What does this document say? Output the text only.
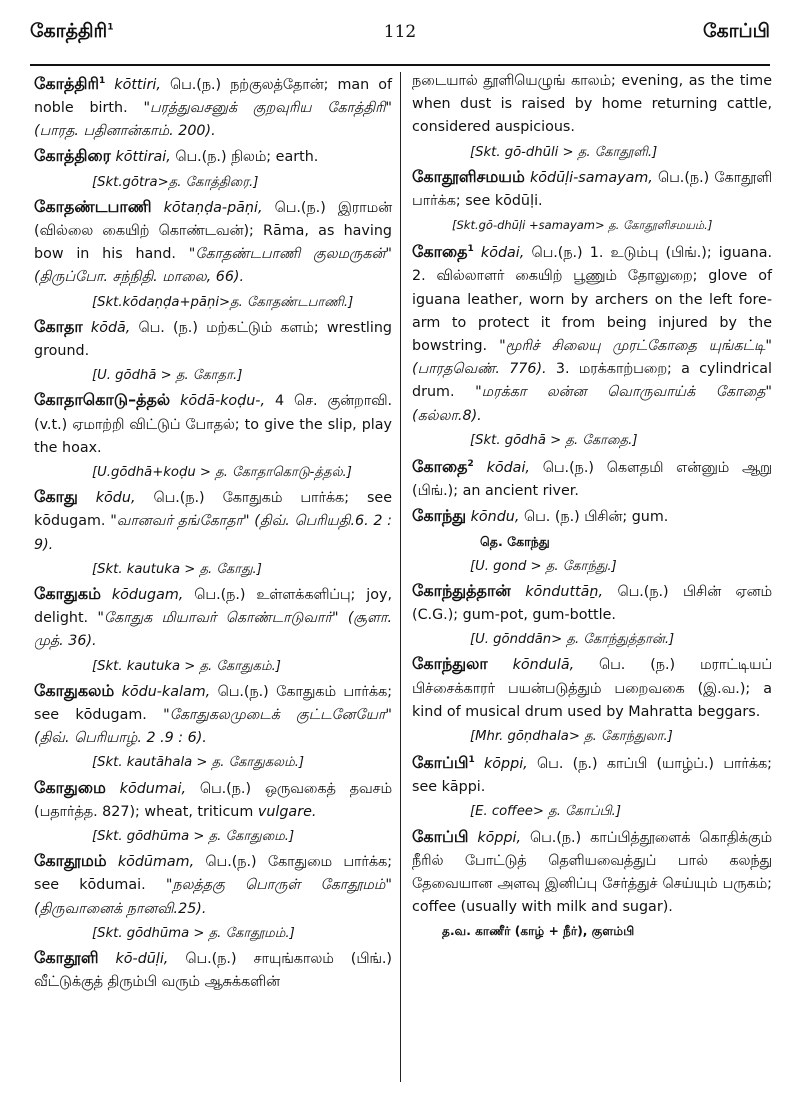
கோத்திரி$^1$	112	கோப்பி

கோத்திரி$^1$ kōttiri, பெ.(ந.) நற்குலத்தோன்; man of noble birth. "பரத்துவசனுக் குறவுரிய கோத்திரி" (பாரத. பதினான்காம். 200).

கோத்திரை kōttirai, பெ.(ந.) நிலம்; earth.

[Skt.gōtra>த. கோத்திரை.]

கோதண்டபாணி kōtaṇḍa-pāṇi, பெ.(ந.) இராமன் (வில்லை கையிற் கொண்டவன்); Rāma, as having bow in his hand. "கோதண்டபாணி குலமருகன்" (திருப்போ. சந்நிதி. மாலை, 66).

[Skt.kōdaṇḍa+pāṇi>த. கோதண்டபாணி.]

கோதா kōdā, பெ. (ந.) மற்கட்டும் களம்; wrestling ground.

[U. gōdhā > த. கோதா.]

கோதாகொடு–த்தல் kōdā-koḍu-, 4 செ. குன்றாவி. (v.t.) ஏமாற்றி விட்டுப் போதல்; to give the slip, play the hoax.

[U.gōdhā+koḍu > த. கோதாகொடு-த்தல்.]

கோது kōdu, பெ.(ந.) கோதுகம் பார்க்க; see kōdugam. "வானவர் தங்கோதா" (திவ். பெரியதி.6. 2 : 9).

[Skt. kautuka > த. கோது.]

கோதுகம் kōdugam, பெ.(ந.) உள்ளக்களிப்பு; joy, delight. "கோதுக மியாவர் கொண்டாடுவார்" (சூளா. முத். 36).

[Skt. kautuka > த. கோதுகம்.]

கோதுகலம் kōdu-kalam, பெ.(ந.) கோதுகம் பார்க்க; see kōdugam. "கோதுகலமுடைக் குட்டனேயோ" (திவ். பெரியாழ். 2 .9 : 6).

[Skt. kautāhala > த. கோதுகலம்.]

கோதுமை kōdumai, பெ.(ந.) ஒருவகைத் தவசம் (பதார்த்த. 827); wheat, triticum vulgare.

[Skt. gōdhūma > த. கோதுமை.]

கோதூமம் kōdūmam, பெ.(ந.) கோதுமை பார்க்க; see kōdumai. "நலத்தகு பொருள் கோதூமம்" (திருவானைக் நானவி.25).

[Skt. gōdhūma > த. கோதூமம்.]

கோதூளி kō-dūḷi, பெ.(ந.) சாயுங்காலம் (பிங்.) வீட்டுக்குத் திரும்பி வரும் ஆசுக்களின்

நடையால் தூளியெழுங் காலம்; evening, as the time when dust is raised by home returning cattle, considered auspicious.

[Skt. gō-dhūli > த. கோதூளி.]

கோதூளிசமயம் kōdūḷi-samayam, பெ.(ந.) கோதூளி பார்க்க; see kōdūḷi.

[Skt.gō-dhūḷi +samayam> த. கோதூளிசமயம்.]

கோதை$^1$ kōdai, பெ.(ந.) 1. உடும்பு (பிங்.); iguana. 2. வில்லாளர் கையிற் பூணும் தோலுறை; glove of iguana leather, worn by archers on the left fore-arm to protect it from being injured by the bowstring. "மூரிச் சிலையு முரட்கோதை யுங்கட்டி" (பாரதவெண். 776). 3. மரக்காற்பறை; a cylindrical drum. "மரக்கா லன்ன வொருவாய்க் கோதை" (கல்லா.8).

[Skt. gōdhā > த. கோதை.]

கோதை$^2$ kōdai, பெ.(ந.) கௌதமி என்னும் ஆறு (பிங்.); an ancient river.

கோந்து kōndu, பெ. (ந.) பிசின்; gum.

தெ. கோந்து

[U. gond > த. கோந்து.]

கோந்துத்தான் kōnduttāṉ, பெ.(ந.) பிசின் ஏனம் (C.G.); gum-pot, gum-bottle.

[U. gōnddān> த. கோந்துத்தான்.]

கோந்துலா kōndulā, பெ. (ந.) மராட்டியப் பிச்சைக்காரர் பயன்படுத்தும் பறைவகை (இ.வ.); a kind of musical drum used by Mahratta beggars.

[Mhr. gōṇdhala> த. கோந்துலா.]

கோப்பி$^1$ kōppi, பெ. (ந.) காப்பி (யாழ்ப்.) பார்க்க; see kāppi.

[E. coffee> த. கோப்பி.]

கோப்பி kōppi, பெ.(ந.) காப்பித்தூளைக் கொதிக்கும் நீரில் போட்டுத் தெளியவைத்துப் பால் கலந்து தேவையான அளவு இனிப்பு சேர்த்துச் செய்யும் பருகம்; coffee (usually with milk and sugar).

த.வ. காணீர் (காழ் + நீர்), குளம்பி
